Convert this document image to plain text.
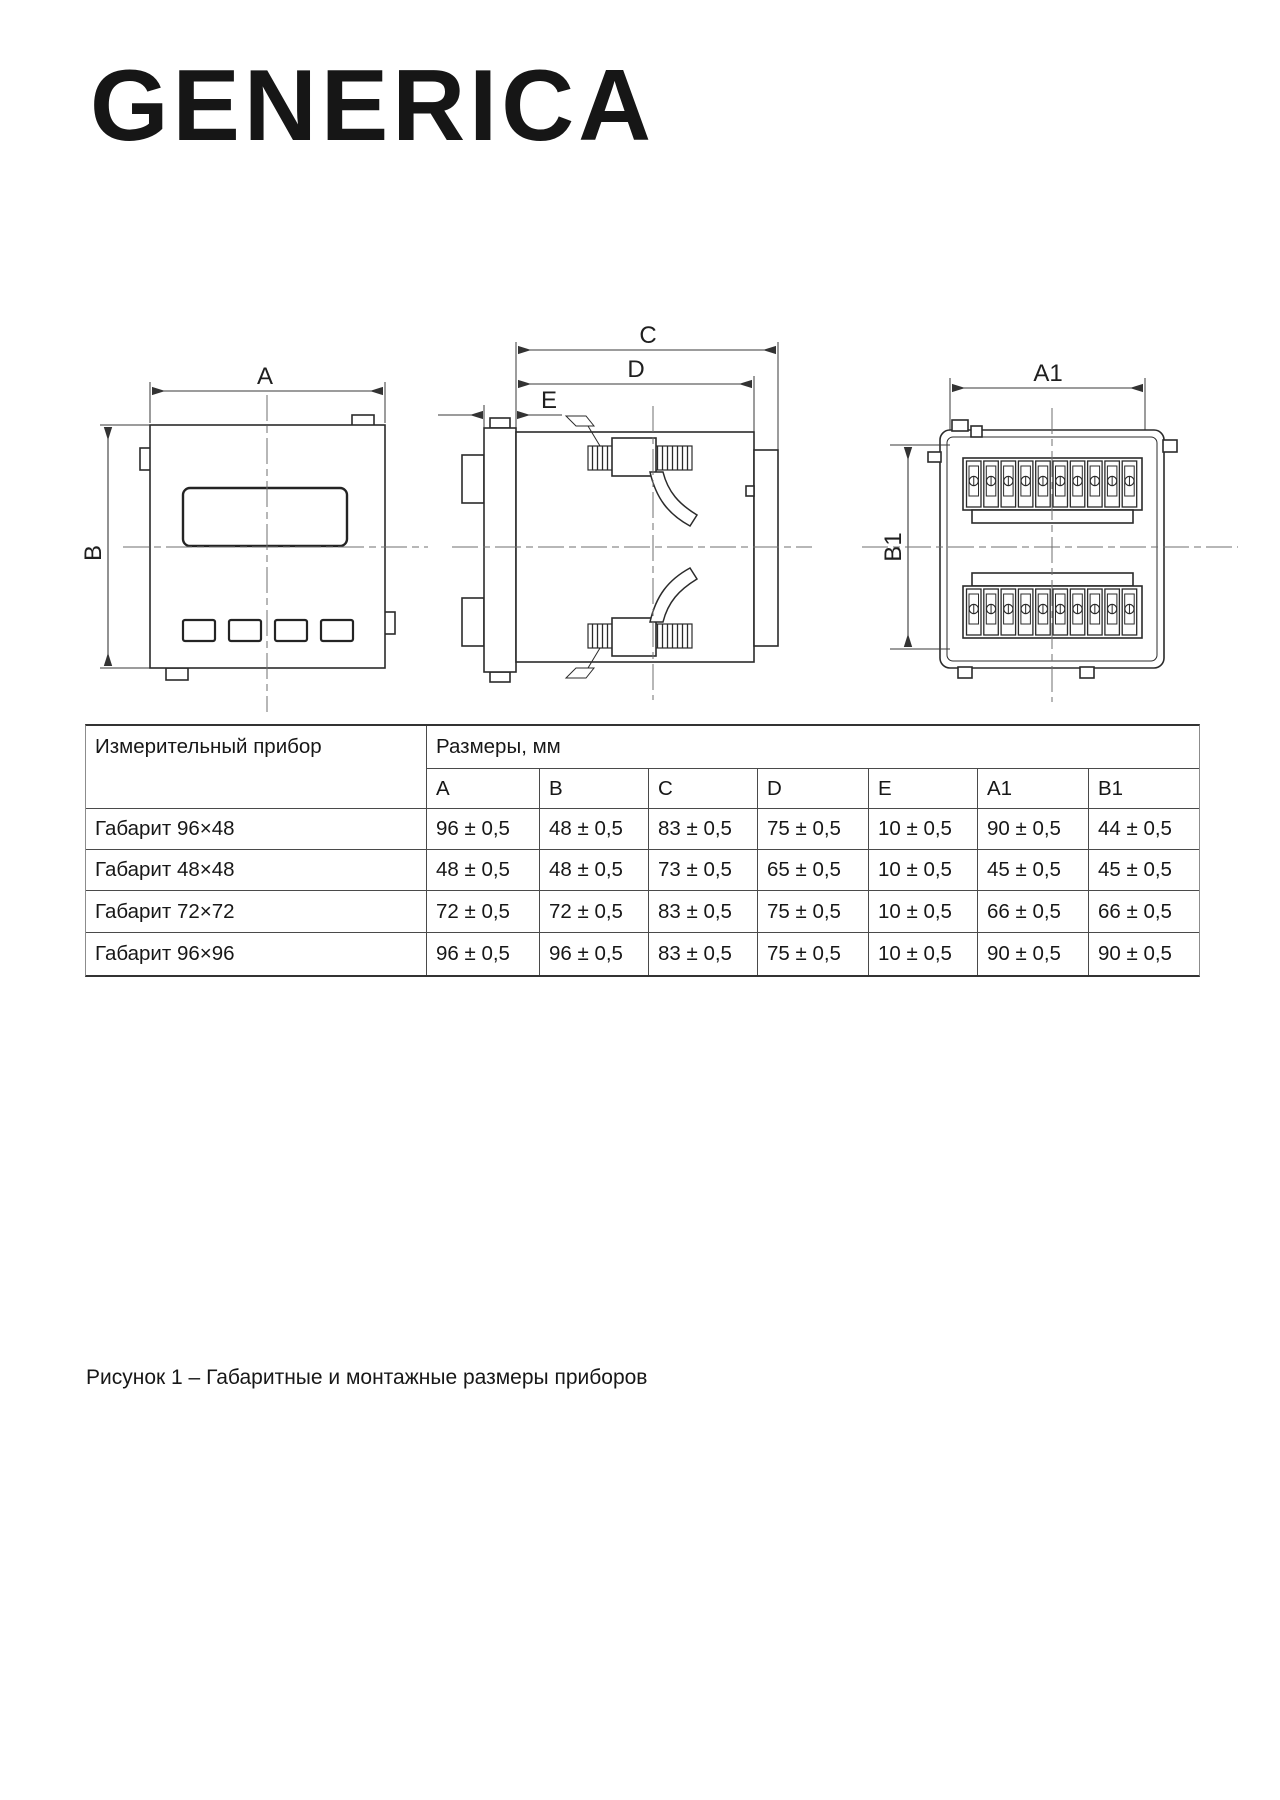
GENERICA
A
B
C
D
E
A1
B1
Измерительный прибор	Размеры, мм
A	B	C	D	E	A1	B1
Габарит 96×48	96 ± 0,5	48 ± 0,5	83 ± 0,5	75 ± 0,5	10 ± 0,5	90 ± 0,5	44 ± 0,5
Габарит 48×48	48 ± 0,5	48 ± 0,5	73 ± 0,5	65 ± 0,5	10 ± 0,5	45 ± 0,5	45 ± 0,5
Габарит 72×72	72 ± 0,5	72 ± 0,5	83 ± 0,5	75 ± 0,5	10 ± 0,5	66 ± 0,5	66 ± 0,5
Габарит 96×96	96 ± 0,5	96 ± 0,5	83 ± 0,5	75 ± 0,5	10 ± 0,5	90 ± 0,5	90 ± 0,5
Рисунок 1 – Габаритные и монтажные размеры приборов
